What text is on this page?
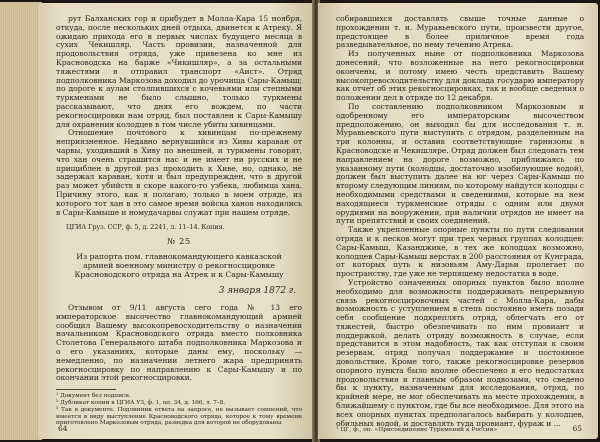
рут Балханских гор и прибудет в Молла-Кара 15 ноября, откуда, после нескольких дней отдыха, двинется к Атреку. Я ожидаю прихода его в первых числах будущего месяца в сухих Чекишляр. Часть провизии, назначенной для продовольствия отряда, уже привезена ко мне из Красноводска на барже «Чикишляр», а за остальными тяжестями я отправил транспорт «Аист». Отряд подполковника Маркозова доходил до урочища Сары-Камыш; по дороге к аулам столпившихся с кочевьями или степными туркменами не было слышно, только туркмены рассказывают, что днях его вождем, по части рекогносцировки нам отряд, был поставлен к Сары-Камышу для охранения колодцев в том числе убиты хивинцами.

Отношение почтового к хивинцам по-прежнему неприязненное. Недавно вернувшийся из Хивы караван от чарвы, уходивший в Хиву по внешней, и туркмены говорят, что хан очень страшится нас и не имеет ни русских и не прищиблен в другой раз проходить к Хиве, но, однако, не задержал караван, хотя и был предупрежден, что в другой раз может убийств в скоре какого-то узбека, любимца хана. Причину этого, как я полагаю, только в моем отряде, из которого тот хан в это самое время войска ханов находились в Сары-Камыше и номудачарвы служат при нашем отряде.

ЦГИА Груз. ССР, ф. 5, д. 2241, л. 11–14. Копия.

№ 25

Из рапорта пом. главнокомандующего кавказской армией военному министру о рекогносцировке Красноводского отряда на Атрек и к Сары-Камышу

3 января 1872 г.

Отзывом от 9/11 августа сего года № 13 его императорское высочество главнокомандующий армией сообщил Вашему высокопревосходительству о назначении начальником Красноводского отряда вместо полковника Столетова Генерального штаба подполковника Маркозова и о его указаниях, которые даны ему, поскольку — немедленно, по назначении летнего жара предпринять рекогносцировку по направлению к Сары-Камышу и по окончании этой рекогносцировки.

¹ Документ без подписи.

² Дубликат копии в ЦГИА УЗ, ф. 1, оп. 34, д. 166, л. 7–8.

³ Так в документе. Подлинник ответа на запросе, не вызывает сомнений, что имеется в виду выступление Красноводского отряда, которое к тому времени приготовлено Маркозовым отряда, разведка для которой не оборудованы.

64

собиравшихся доставлять свыше точные данные о прохождении т. и. Муравьевского пути, произвести другое, предстоящее в более приличное время года разведывательное, по нему течению Атрека.

Из полученных ныне от подполковника Маркозова донесений, что возложенные на него рекогносцировки окончены, и потому имею честь представить Вашему высокопревосходительству для доклада государю императору как отчет об этих рекогносцировках, так и вообще сведения о положении дел в отряде по 12 декабря.

По составлению подполковником Маркозовым и одобренному его императорским высочеством предположению, он выходил бы для исследования т. н. Муравьевского пути выступить с отрядом, разделенным на три колонны, и оставив соответствующие гарнизоны в Красноводске и Чекишляре. Отряд должен был следовать тем направлением на дороге возможно, приближаясь по указанному пути (колодцы, достаточно изобилующие водой), должен был выступить далее на юг через Сары-Камыш по второму следующим линиям, по которому найдутся колодцы с необходимыми средствами и сведениями, которые на нем находящиеся туркменские отряды с одним или двумя орудиями на вооружении, при наличии отрядов не имеет на пути препятствий и своих соединений.

Также укрепленные опорные пункты по пути следования отряда и к песков могут при трех черных группах колодцев: Сары-Камыш, Казанджике, в тех же колодцах возможно, колодцев Сары-Камыш верстах в 200 расстояния от Кунграда, от которых путь к низовьям Аму-Дарьи пролегает по пространству, где уже не терпящему недостатка в воде.

Устройство означенных опорных пунктов было вполне необходимо для возможности поддерживать непрерывную связь рекогносцировочных частей с Молла-Кара, дабы возможность с уступлением в степь постоянно иметь позади себя сообщение подкреплять отряд, облегчать его от тяжестей, быстро обезпечивать по ним провиант и поддержкой, делать отряду возможность в случае, если представится в этом надобность, так как отступая к своим резервам, отряд получал поддержание и постоянное довольствие. Кроме того, также рекогносцировке резервов опорного пункта было вполне обеспечено в его недостатках продовольствия и главным образом подвозами, что сведено бы к пункту, назначенным для исследования, отряд, по крайней мере, не мог обеспечивать на месте прохождения, в ближайшему с пунктом, где бы все необходимое. Для этого на всех опорных пунктах предполагалось выбирать у колодцев, обильных водой, и доставлять туда провиант, фураж и ...

¹ ЦГ, ф., оп. «Присоединение Туркмении к России»	65
